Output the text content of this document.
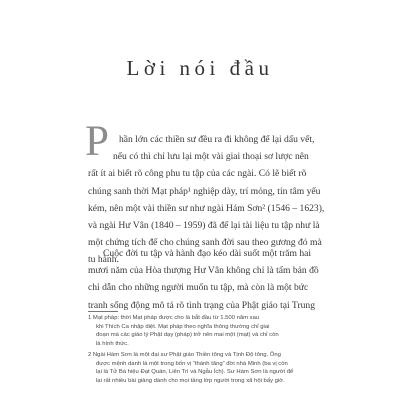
Lời nói đầu
P hần lớn các thiền sư đều ra đi không để lại dấu vết,
nếu có thì chỉ lưu lại một vài giai thoại sơ lược nên
rất ít ai biết rõ công phu tu tập của các ngài. Có lẽ biết rõ
chúng sanh thời Mạt pháp¹ nghiệp dày, trí mỏng, tín tâm yếu
kém, nên một vài thiền sư như ngài Hám Sơn² (1546 – 1623),
và ngài Hư Vân (1840 – 1959) đã để lại tài liệu tu tập như là
một chứng tích để cho chúng sanh đời sau theo gương đó mà
tu hành.
Cuộc đời tu tập và hành đạo kéo dài suốt một trăm hai
mươi năm của Hòa thượng Hư Vân không chỉ là tấm bản đồ
chỉ dẫn cho những người muốn tu tập, mà còn là một bức
tranh sống động mô tả rõ tình trạng của Phật giáo tại Trung
1 Mạt pháp: thời Mạt pháp được cho là bắt đầu từ 1.500 năm sau
khi Thích Ca nhập diệt. Mạt pháp theo nghĩa thông thường chỉ giai
đoạn mà các giáo lý Phật dạy (pháp) trở nên mai một (mạt) và chỉ còn
là hình thức.
2 Ngài Hám Sơn là một đại sư Phật giáo Thiền tông và Tịnh Độ tông. Ông
được mệnh danh là một trong bốn vị “thánh tăng” đời nhà Minh (ba vị còn
lại là Tử Bá hiệu Đạt Quán, Liên Trì và Ngẫu Ích). Sư Hám Sơn là người để
lại rất nhiều bài giảng dành cho mọi tầng lớp người trong xã hội bấy giờ.
